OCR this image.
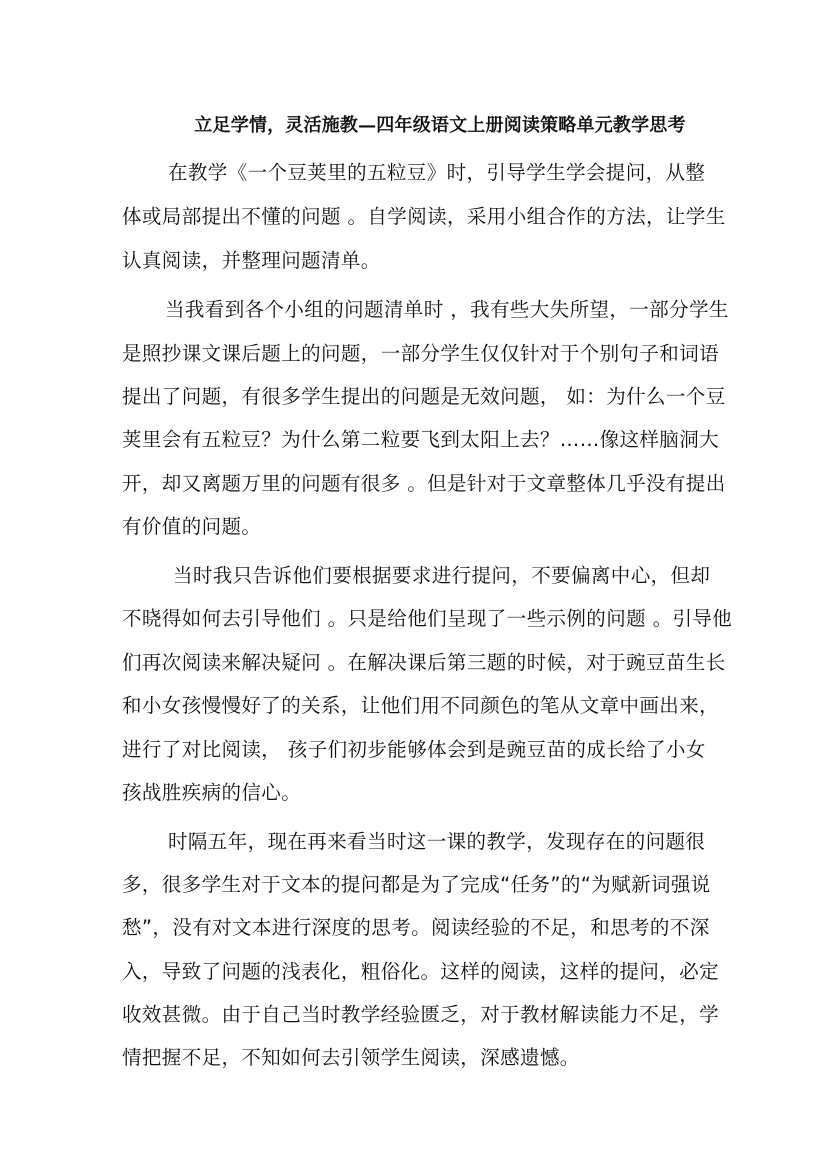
立足学情，灵活施教—四年级语文上册阅读策略单元教学思考
在教学《一个豆荚里的五粒豆》时，引导学生学会提问，从整
体或局部提出不懂的问题 。自学阅读，采用小组合作的方法，让学生
认真阅读，并整理问题清单。
当我看到各个小组的问题清单时 ，我有些大失所望，一部分学生
是照抄课文课后题上的问题，一部分学生仅仅针对于个别句子和词语
提出了问题，有很多学生提出的问题是无效问题， 如：为什么一个豆
荚里会有五粒豆？为什么第二粒要飞到太阳上去？……像这样脑洞大
开，却又离题万里的问题有很多 。但是针对于文章整体几乎没有提出
有价值的问题。
当时我只告诉他们要根据要求进行提问，不要偏离中心，但却
不晓得如何去引导他们 。只是给他们呈现了一些示例的问题 。引导他
们再次阅读来解决疑问 。在解决课后第三题的时候，对于豌豆苗生长
和小女孩慢慢好了的关系，让他们用不同颜色的笔从文章中画出来，
进行了对比阅读， 孩子们初步能够体会到是豌豆苗的成长给了小女
孩战胜疾病的信心。
时隔五年，现在再来看当时这一课的教学，发现存在的问题很
多，很多学生对于文本的提问都是为了完成“任务”的“为赋新词强说
愁”，没有对文本进行深度的思考。阅读经验的不足，和思考的不深
入，导致了问题的浅表化，粗俗化。这样的阅读，这样的提问，必定
收效甚微。由于自己当时教学经验匮乏，对于教材解读能力不足，学
情把握不足，不知如何去引领学生阅读，深感遗憾。
